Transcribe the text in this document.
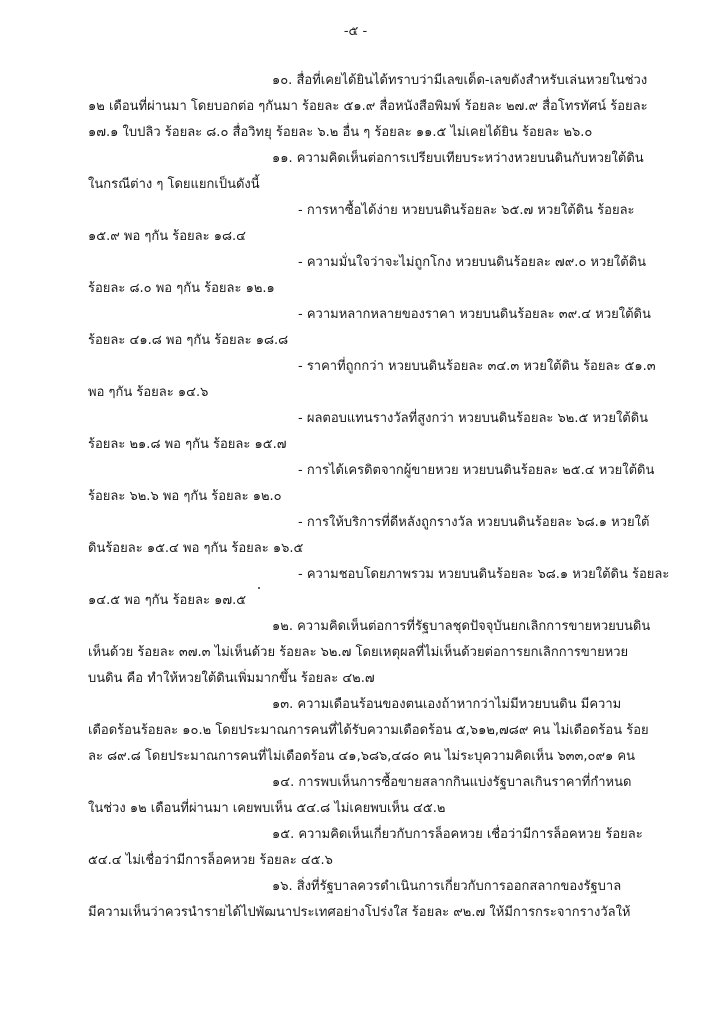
-๕ -
๑๐. สื่อที่เคยได้ยินได้ทราบว่ามีเลขเด็ด-เลขดังสำหรับเล่นหวยในช่วง
๑๒ เดือนที่ผ่านมา โดยบอกต่อ ๆกันมา ร้อยละ ๕๑.๙ สื่อหนังสือพิมพ์ ร้อยละ ๒๗.๙ สื่อโทรทัศน์ ร้อยละ
๑๗.๑ ใบปลิว ร้อยละ ๘.๐ สื่อวิทยุ ร้อยละ ๖.๒ อื่น ๆ ร้อยละ ๑๑.๕ ไม่เคยได้ยิน ร้อยละ ๒๖.๐
๑๑. ความคิดเห็นต่อการเปรียบเทียบระหว่างหวยบนดินกับหวยใต้ดิน
ในกรณีต่าง ๆ โดยแยกเป็นดังนี้
- การหาซื้อได้ง่าย หวยบนดินร้อยละ ๖๕.๗ หวยใต้ดิน ร้อยละ
๑๕.๙ พอ ๆกัน ร้อยละ ๑๘.๔
- ความมั่นใจว่าจะไม่ถูกโกง หวยบนดินร้อยละ ๗๙.๐ หวยใต้ดิน
ร้อยละ ๘.๐ พอ ๆกัน ร้อยละ ๑๒.๑
- ความหลากหลายของราคา หวยบนดินร้อยละ ๓๙.๔ หวยใต้ดิน
ร้อยละ ๔๑.๘ พอ ๆกัน ร้อยละ ๑๘.๘
- ราคาที่ถูกกว่า หวยบนดินร้อยละ ๓๔.๓ หวยใต้ดิน ร้อยละ ๕๑.๓
พอ ๆกัน ร้อยละ ๑๔.๖
- ผลตอบแทนรางวัลที่สูงกว่า หวยบนดินร้อยละ ๖๒.๕ หวยใต้ดิน
ร้อยละ ๒๑.๘ พอ ๆกัน ร้อยละ ๑๕.๗
- การได้เครดิตจากผู้ขายหวย หวยบนดินร้อยละ ๒๕.๔ หวยใต้ดิน
ร้อยละ ๖๒.๖ พอ ๆกัน ร้อยละ ๑๒.๐
- การให้บริการที่ดีหลังถูกรางวัล หวยบนดินร้อยละ ๖๘.๑ หวยใต้
ดินร้อยละ ๑๕.๔ พอ ๆกัน ร้อยละ ๑๖.๕
- ความชอบโดยภาพรวม หวยบนดินร้อยละ ๖๘.๑ หวยใต้ดิน ร้อยละ
๑๔.๕ พอ ๆกัน ร้อยละ ๑๗.๕
๑๒. ความคิดเห็นต่อการที่รัฐบาลชุดปัจจุบันยกเลิกการขายหวยบนดิน
เห็นด้วย ร้อยละ ๓๗.๓ ไม่เห็นด้วย ร้อยละ ๖๒.๗ โดยเหตุผลที่ไม่เห็นด้วยต่อการยกเลิกการขายหวย
บนดิน คือ ทำให้หวยใต้ดินเพิ่มมากขึ้น ร้อยละ ๔๒.๗
๑๓. ความเดือนร้อนของตนเองถ้าหากว่าไม่มีหวยบนดิน มีความ
เดือดร้อนร้อยละ ๑๐.๒ โดยประมาณการคนที่ได้รับความเดือดร้อน ๕,๖๑๒,๗๘๙ คน ไม่เดือดร้อน ร้อย
ละ ๘๙.๘ โดยประมาณการคนที่ไม่เดือดร้อน ๔๑,๖๘๖,๔๘๐ คน ไม่ระบุความคิดเห็น ๖๓๓,๐๙๑ คน
๑๔. การพบเห็นการซื้อขายสลากกินแบ่งรัฐบาลเกินราคาที่กำหนด
ในช่วง ๑๒ เดือนที่ผ่านมา เคยพบเห็น ๕๔.๘ ไม่เคยพบเห็น ๔๕.๒
๑๕. ความคิดเห็นเกี่ยวกับการล็อคหวย เชื่อว่ามีการล็อคหวย ร้อยละ
๕๔.๔ ไม่เชื่อว่ามีการล็อคหวย ร้อยละ ๔๕.๖
๑๖. สิ่งที่รัฐบาลควรดำเนินการเกี่ยวกับการออกสลากของรัฐบาล
มีความเห็นว่าควรนำรายได้ไปพัฒนาประเทศอย่างโปร่งใส ร้อยละ ๙๒.๗ ให้มีการกระจากรางวัลให้
